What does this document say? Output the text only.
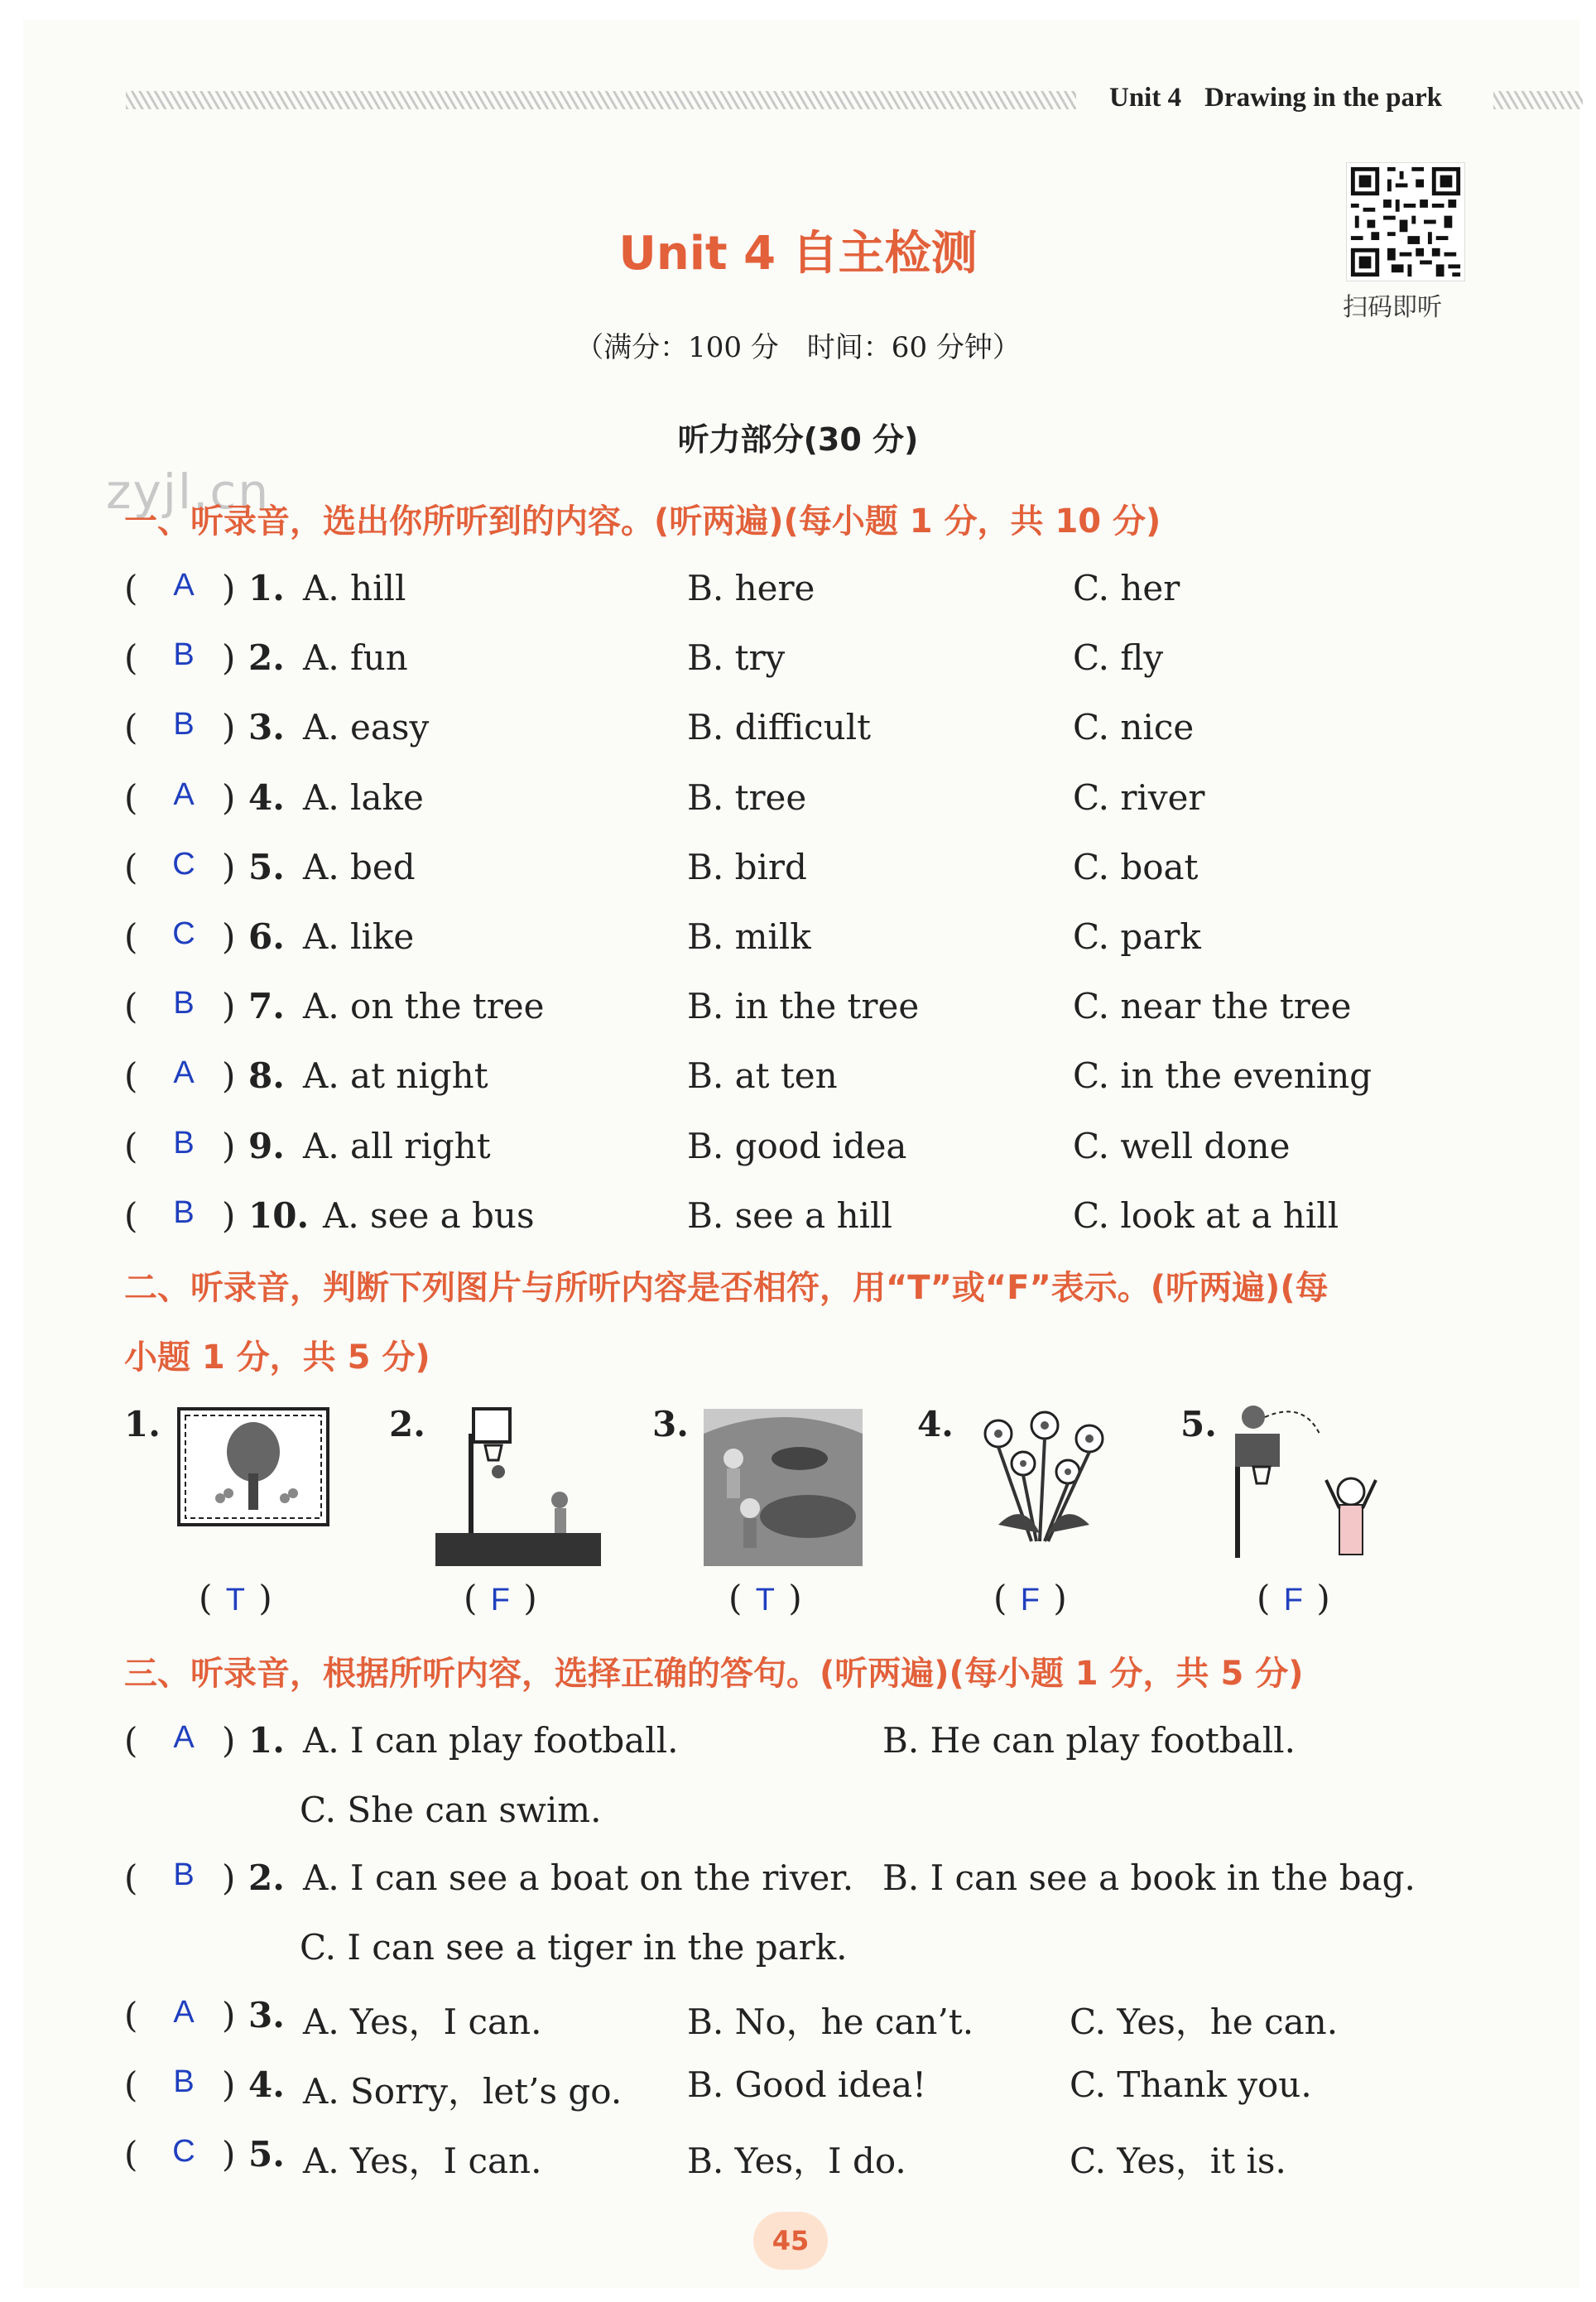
Unit 4 Drawing in the park
扫码即听
Unit 4 自主检测
（满分：100 分　时间：60 分钟）
听力部分(30 分)
zyjl.cn
一、听录音，选出你所听到的内容。(听两遍)(每小题 1 分，共 10 分)
( A ) 1. A. hill	B. here	C. her
( B ) 2. A. fun	B. try	C. fly
( B ) 3. A. easy	B. difficult	C. nice
( A ) 4. A. lake	B. tree	C. river
( C ) 5. A. bed	B. bird	C. boat
( C ) 6. A. like	B. milk	C. park
( B ) 7. A. on the tree	B. in the tree	C. near the tree
( A ) 8. A. at night	B. at ten	C. in the evening
( B ) 9. A. all right	B. good idea	C. well done
( B ) 10. A. see a bus	B. see a hill	C. look at a hill
二、听录音，判断下列图片与所听内容是否相符，用“T”或“F”表示。(听两遍)(每
小题 1 分，共 5 分)
1.
( T )
2.
( F )
3.
( T )
4.
( F )
5.
( F )
三、听录音，根据所听内容，选择正确的答句。(听两遍)(每小题 1 分，共 5 分)
( A ) 1. A. I can play football.	B. He can play football.
C. She can swim.
( B ) 2. A. I can see a boat on the river. B. I can see a book in the bag.
C. I can see a tiger in the park.
( A ) 3. A. Yes，I can.	B. No，he can’t.	C. Yes，he can.
( B ) 4. A. Sorry，let’s go. B. Good idea!	C. Thank you.
( C ) 5. A. Yes，I can.	B. Yes，I do.	C. Yes，it is.
45
